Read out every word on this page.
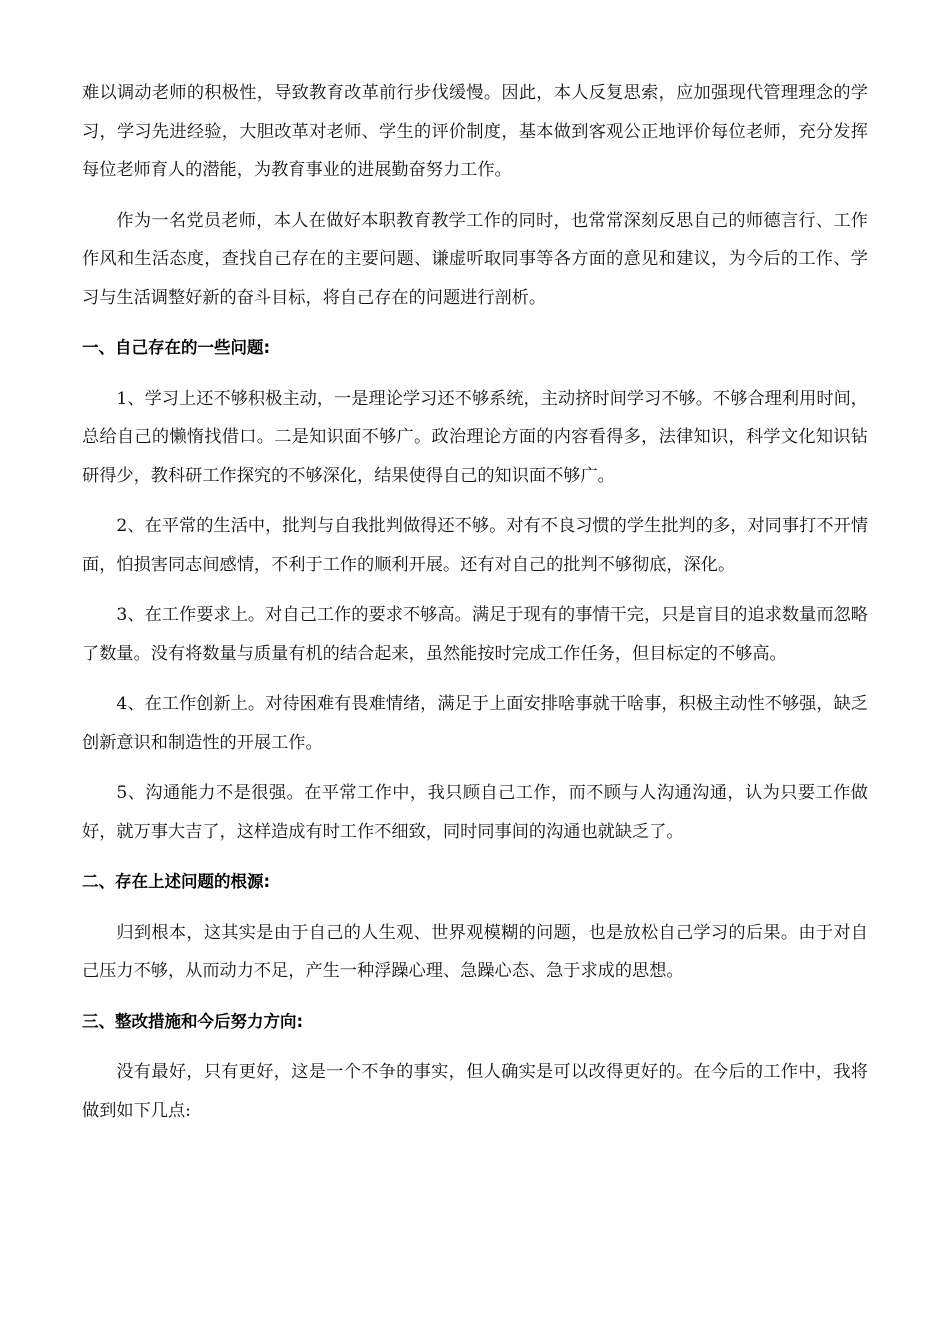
难以调动老师的积极性，导致教育改革前行步伐缓慢。因此，本人反复思索，应加强现代管理理念的学习，学习先进经验，大胆改革对老师、学生的评价制度，基本做到客观公正地评价每位老师，充分发挥每位老师育人的潜能，为教育事业的进展勤奋努力工作。

作为一名党员老师，本人在做好本职教育教学工作的同时，也常常深刻反思自己的师德言行、工作作风和生活态度，查找自己存在的主要问题、谦虚听取同事等各方面的意见和建议，为今后的工作、学习与生活调整好新的奋斗目标，将自己存在的问题进行剖析。

一、自己存在的一些问题:

1、学习上还不够积极主动，一是理论学习还不够系统，主动挤时间学习不够。不够合理利用时间，总给自己的懒惰找借口。二是知识面不够广。政治理论方面的内容看得多，法律知识，科学文化知识钻研得少，教科研工作探究的不够深化，结果使得自己的知识面不够广。

2、在平常的生活中，批判与自我批判做得还不够。对有不良习惯的学生批判的多，对同事打不开情面，怕损害同志间感情，不利于工作的顺利开展。还有对自己的批判不够彻底，深化。

3、在工作要求上。对自己工作的要求不够高。满足于现有的事情干完，只是盲目的追求数量而忽略了数量。没有将数量与质量有机的结合起来，虽然能按时完成工作任务，但目标定的不够高。

4、在工作创新上。对待困难有畏难情绪，满足于上面安排啥事就干啥事，积极主动性不够强，缺乏创新意识和制造性的开展工作。

5、沟通能力不是很强。在平常工作中，我只顾自己工作，而不顾与人沟通沟通，认为只要工作做好，就万事大吉了，这样造成有时工作不细致，同时同事间的沟通也就缺乏了。

二、存在上述问题的根源:

归到根本，这其实是由于自己的人生观、世界观模糊的问题，也是放松自己学习的后果。由于对自己压力不够，从而动力不足，产生一种浮躁心理、急躁心态、急于求成的思想。

三、整改措施和今后努力方向:

没有最好，只有更好，这是一个不争的事实，但人确实是可以改得更好的。在今后的工作中，我将做到如下几点:
